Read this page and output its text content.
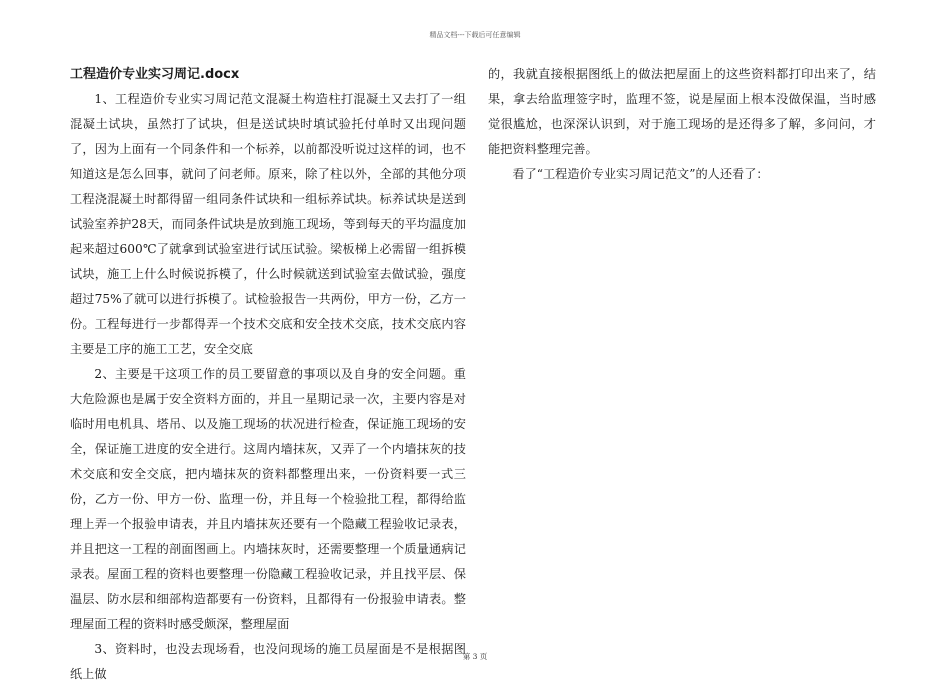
精品文档---下载后可任意编辑

工程造价专业实习周记.docx

1、工程造价专业实习周记范文混凝土构造柱打混凝土又去打了一组混凝土试块，虽然打了试块，但是送试块时填试验托付单时又出现问题了，因为上面有一个同条件和一个标养，以前都没听说过这样的词，也不知道这是怎么回事，就问了问老师。原来，除了柱以外，全部的其他分项工程浇混凝土时都得留一组同条件试块和一组标养试块。标养试块是送到试验室养护28天，而同条件试块是放到施工现场，等到每天的平均温度加起来超过600℃了就拿到试验室进行试压试验。梁板梯上必需留一组拆模试块，施工上什么时候说拆模了，什么时候就送到试验室去做试验，强度超过75%了就可以进行拆模了。试检验报告一共两份，甲方一份，乙方一份。工程每进行一步都得弄一个技术交底和安全技术交底，技术交底内容主要是工序的施工工艺，安全交底

2、主要是干这项工作的员工要留意的事项以及自身的安全问题。重大危险源也是属于安全资料方面的，并且一星期记录一次，主要内容是对临时用电机具、塔吊、以及施工现场的状况进行检查，保证施工现场的安全，保证施工进度的安全进行。这周内墙抹灰，又弄了一个内墙抹灰的技术交底和安全交底，把内墙抹灰的资料都整理出来，一份资料要一式三份，乙方一份、甲方一份、监理一份，并且每一个检验批工程，都得给监理上弄一个报验申请表，并且内墙抹灰还要有一个隐藏工程验收记录表，并且把这一工程的剖面图画上。内墙抹灰时，还需要整理一个质量通病记录表。屋面工程的资料也要整理一份隐藏工程验收记录，并且找平层、保温层、防水层和细部构造都要有一份资料，且都得有一份报验申请表。整理屋面工程的资料时感受颇深，整理屋面

3、资料时，也没去现场看，也没问现场的施工员屋面是不是根据图纸上做

的，我就直接根据图纸上的做法把屋面上的这些资料都打印出来了，结果，拿去给监理签字时，监理不签，说是屋面上根本没做保温，当时感觉很尴尬，也深深认识到，对于施工现场的是还得多了解，多问问，才能把资料整理完善。

看了“工程造价专业实习周记范文”的人还看了：

第 3 页
